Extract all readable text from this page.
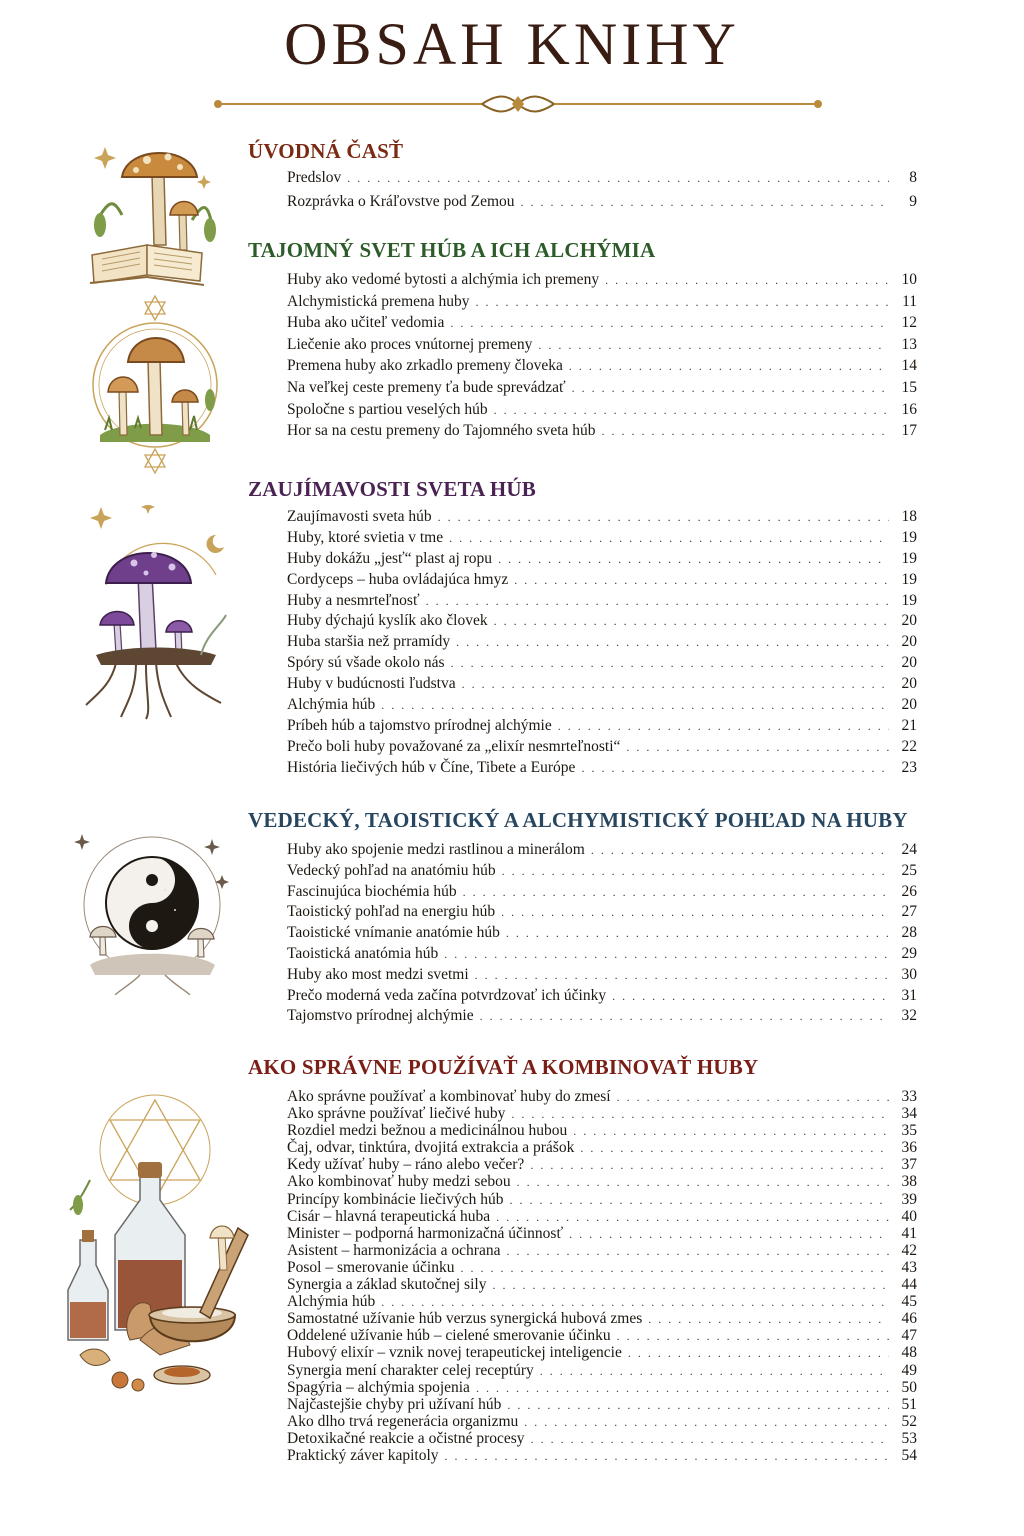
OBSAH KNIHY
ÚVODNÁ ČASŤ
Predslov . . .	8
Rozprávka o Kráľovstve pod Zemou . . .	9
TAJOMNÝ SVET HÚB A ICH ALCHÝMIA
Huby ako vedomé bytosti a alchýmia ich premeny . . .	10
Alchymistická premena huby . . .	11
Huba ako učiteľ vedomia . . .	12
Liečenie ako proces vnútornej premeny . . .	13
Premena huby ako zrkadlo premeny človeka . . .	14
Na veľkej ceste premeny ťa bude sprevádzať . . .	15
Spoločne s partiou veselých húb . . .	16
Hor sa na cestu premeny do Tajomného sveta húb . . .	17
ZAUJÍMAVOSTI SVETA HÚB
Zaujímavosti sveta húb . . .	18
Huby, ktoré svietia v tme . . .	19
Huby dokážu „jesť“ plast aj ropu . . .	19
Cordyceps – huba ovládajúca hmyz . . .	19
Huby a nesmrteľnosť . . .	19
Huby dýchajú kyslík ako človek . . .	20
Huba staršia než prramídy . . .	20
Spóry sú všade okolo nás . . .	20
Huby v budúcnosti ľudstva . . .	20
Alchýmia húb . . .	20
Príbeh húb a tajomstvo prírodnej alchýmie . . .	21
Prečo boli huby považované za „elixír nesmrteľnosti“ . . .	22
História liečivých húb v Číne, Tibete a Európe . . .	23
VEDECKÝ, TAOISTICKÝ A ALCHYMISTICKÝ POHĽAD NA HUBY
Huby ako spojenie medzi rastlinou a minerálom . . .	24
Vedecký pohľad na anatómiu húb . . .	25
Fascinujúca biochémia húb . . .	26
Taoistický pohľad na energiu húb . . .	27
Taoistické vnímanie anatómie húb . . .	28
Taoistická anatómia húb . . .	29
Huby ako most medzi svetmi . . .	30
Prečo moderná veda začína potvrdzovať ich účinky . . .	31
Tajomstvo prírodnej alchýmie . . .	32
AKO SPRÁVNE POUŽÍVAŤ A KOMBINOVAŤ HUBY
Ako správne používať a kombinovať huby do zmesí . . .	33
Ako správne používať liečivé huby . . .	34
Rozdiel medzi bežnou a medicinálnou hubou . . .	35
Čaj, odvar, tinktúra, dvojitá extrakcia a prášok . . .	36
Kedy užívať huby – ráno alebo večer? . . .	37
Ako kombinovať huby medzi sebou . . .	38
Princípy kombinácie liečivých húb . . .	39
Cisár – hlavná terapeutická huba . . .	40
Minister – podporná harmonizačná účinnosť . . .	41
Asistent – harmonizácia a ochrana . . .	42
Posol – smerovanie účinku . . .	43
Synergia a základ skutočnej sily . . .	44
Alchýmia húb . . .	45
Samostatné užívanie húb verzus synergická hubová zmes . . .	46
Oddelené užívanie húb – cielené smerovanie účinku . . .	47
Hubový elixír – vznik novej terapeutickej inteligencie . . .	48
Synergia mení charakter celej receptúry . . .	49
Spagýria – alchýmia spojenia . . .	50
Najčastejšie chyby pri užívaní húb . . .	51
Ako dlho trvá regenerácia organizmu . . .	52
Detoxikačné reakcie a očistné procesy . . .	53
Praktický záver kapitoly . . .	54
